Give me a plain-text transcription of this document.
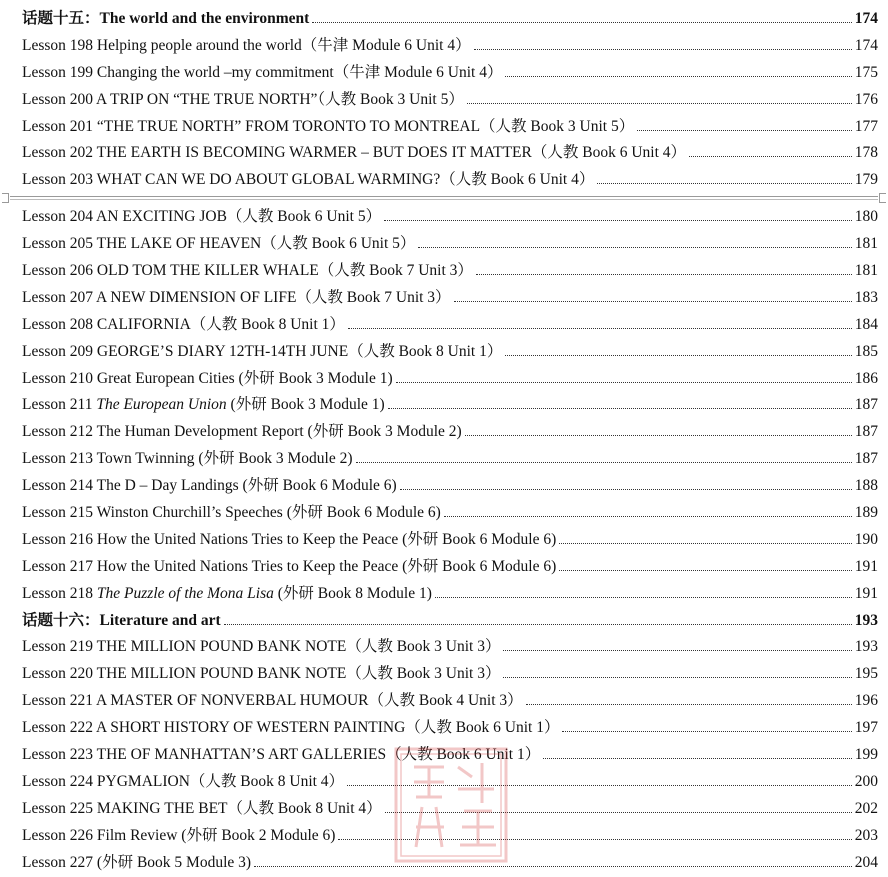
话题十五：The world and the environment	174
Lesson 198 Helping people around the world（牛津 Module 6 Unit 4）	174
Lesson 199 Changing the world –my commitment（牛津 Module 6 Unit 4）	175
Lesson 200 A TRIP ON “THE TRUE NORTH”（人教 Book 3 Unit 5）	176
Lesson 201 “THE TRUE NORTH” FROM TORONTO TO MONTREAL（人教 Book 3 Unit 5）	177
Lesson 202 THE EARTH IS BECOMING WARMER – BUT DOES IT MATTER（人教 Book 6 Unit 4）	178
Lesson 203 WHAT CAN WE DO ABOUT GLOBAL WARMING?（人教 Book 6 Unit 4）	179
Lesson 204 AN EXCITING JOB（人教 Book 6 Unit 5）	180
Lesson 205 THE LAKE OF HEAVEN（人教 Book 6 Unit 5）	181
Lesson 206 OLD TOM THE KILLER WHALE（人教 Book 7 Unit 3）	181
Lesson 207 A NEW DIMENSION OF LIFE（人教 Book 7 Unit 3）	183
Lesson 208 CALIFORNIA（人教 Book 8 Unit 1）	184
Lesson 209 GEORGE’S DIARY 12TH-14TH JUNE（人教 Book 8 Unit 1）	185
Lesson 210 Great European Cities (外研 Book 3 Module 1)	186
Lesson 211 The European Union (外研 Book 3 Module 1)	187
Lesson 212 The Human Development Report (外研 Book 3 Module 2)	187
Lesson 213 Town Twinning (外研 Book 3 Module 2)	187
Lesson 214 The D – Day Landings (外研 Book 6 Module 6)	188
Lesson 215 Winston Churchill’s Speeches (外研 Book 6 Module 6)	189
Lesson 216 How the United Nations Tries to Keep the Peace (外研 Book 6 Module 6)	190
Lesson 217 How the United Nations Tries to Keep the Peace (外研 Book 6 Module 6)	191
Lesson 218 The Puzzle of the Mona Lisa (外研 Book 8 Module 1)	191
话题十六：Literature and art	193
Lesson 219 THE MILLION POUND BANK NOTE（人教 Book 3 Unit 3）	193
Lesson 220 THE MILLION POUND BANK NOTE（人教 Book 3 Unit 3）	195
Lesson 221 A MASTER OF NONVERBAL HUMOUR（人教 Book 4 Unit 3）	196
Lesson 222 A SHORT HISTORY OF WESTERN PAINTING（人教 Book 6 Unit 1）	197
Lesson 223 THE OF MANHATTAN’S ART GALLERIES（人教 Book 6 Unit 1）	199
Lesson 224 PYGMALION（人教 Book 8 Unit 4）	200
Lesson 225 MAKING THE BET（人教 Book 8 Unit 4）	202
Lesson 226 Film Review (外研 Book 2 Module 6)	203
Lesson 227 (外研 Book 5 Module 3)	204
